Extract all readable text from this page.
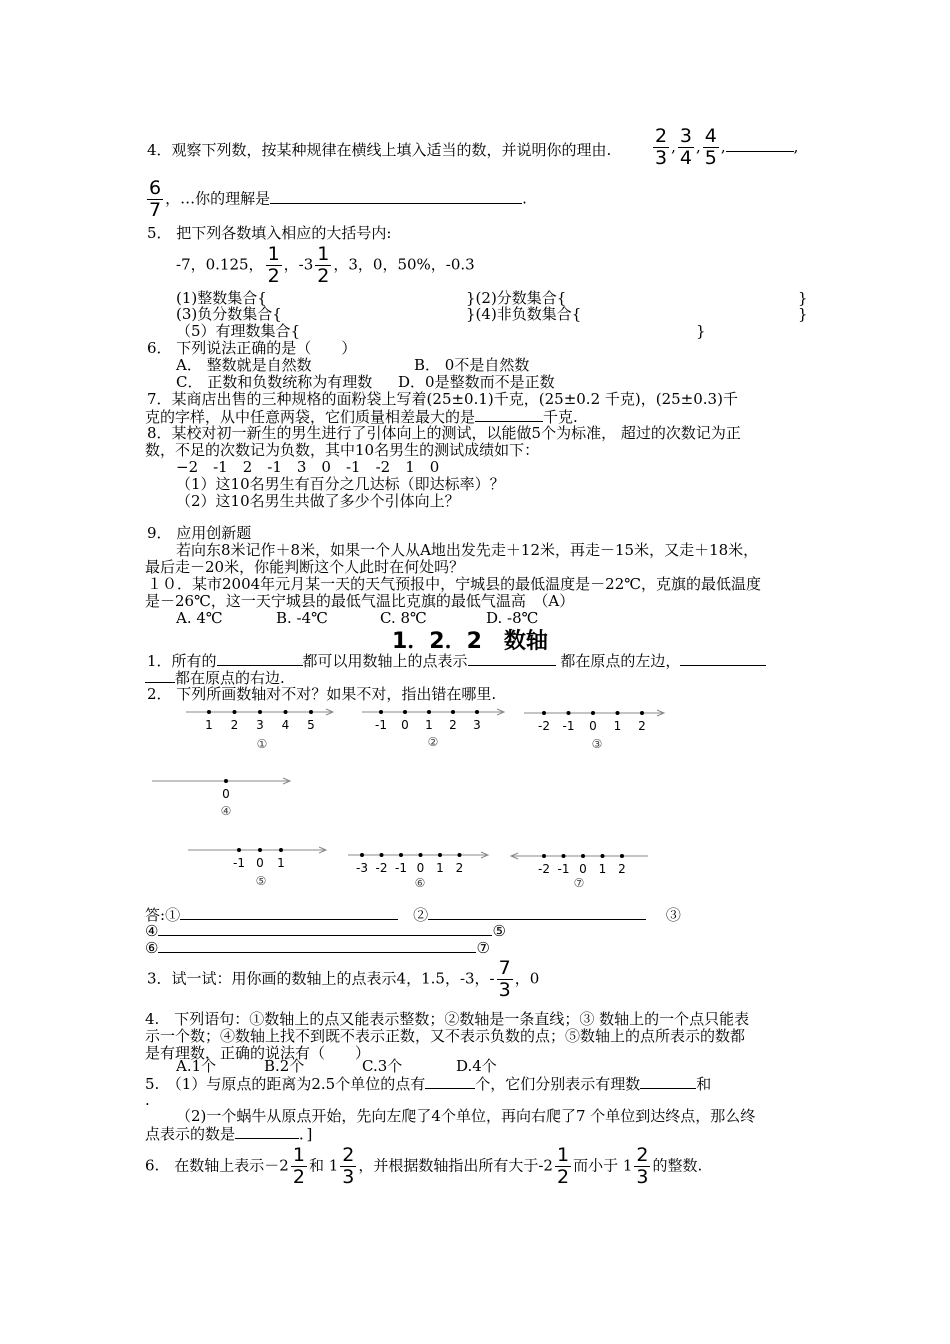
4．观察下列数，按某种规律在横线上填入适当的数，并说明你的理由. $\frac{2}{3}$ , $\frac{3}{4}$ , $\frac{4}{5}$ ,	,
$\frac{6}{7}$ ，…你的理解是	.
5． 把下列各数填入相应的大括号内:
-7，0.125， $\frac{1}{2}$ ，$-3 \frac{1}{2}$ ，3，0，50%，-0.3
(1)整数集合{	}(2)分数集合{	}
(3)负分数集合{	}(4)非负数集合{	}
（5）有理数集合{	}
6． 下列说法正确的是（　　）
A． 整数就是自然数	B． 0不是自然数
C． 正数和负数统称为有理数 D．0是整数而不是正数
7．某商店出售的三种规格的面粉袋上写着(25±0.1)千克，(25±0.2 千克)，(25±0.3)千
克的字样，从中任意两袋，它们质量相差最大的是	千克.
8．某校对初一新生的男生进行了引体向上的测试，以能做5个为标准， 超过的次数记为正
数，不足的次数记为负数，其中10名男生的测试成绩如下：
−2　-1　2　-1　3　0　-1　-2　1　0
（1）这10名男生有百分之几达标（即达标率）？
（2）这10名男生共做了多少个引体向上？
9． 应用创新题
若向东8米记作＋8米，如果一个人从A地出发先走＋12米，再走－15米，又走＋18米，
最后走－20米，你能判断这个人此时在何处吗？
１０．某市2004年元月某一天的天气预报中，宁城县的最低温度是－22℃，克旗的最低温度
是－26℃，这一天宁城县的最低气温比克旗的最低气温高　（A）
A. 4℃	B. -4℃	C. 8℃	D. -8℃
1．2．2　数轴
1．所有的	都可以用数轴上的点表示	都在原点的左边，
都在原点的右边.
2． 下列所画数轴对不对？如果不对，指出错在哪里.
1 2 3 4 5
①
-1 0 1 2 3
②
-2 -1 0 1 2
③
0
④
-1 0 1
⑤
-3 -2 -1 0 1 2
⑥
-2 -1 0 1 2
⑦
答:①　	②　	③
④	⑤
⑥	⑦
3．试一试：用你画的数轴上的点表示4，1.5，-3，- $\frac{7}{3}$ ，0
4.　下列语句：①数轴上的点又能表示整数；②数轴是一条直线；③ 数轴上的一个点只能表
示一个数；④数轴上找不到既不表示正数，又不表示负数的点；⑤数轴上的点所表示的数都
是有理数．正确的说法有（　　）
A.1个	B.2个	C.3个	D.4个
5.　（1）与原点的距离为2.5个单位的点有	个，它们分别表示有理数	和
.
（2)一个蜗牛从原点开始，先向左爬了4个单位，再向右爬了7 个单位到达终点，那么终
点表示的数是	．]
6.　在数轴上表示$-2 \frac{1}{2}$ 和 $1 \frac{2}{3}$ ，并根据数轴指出所有大于$-2 \frac{1}{2}$ 而小于 $1 \frac{2}{3}$ 的整数.
